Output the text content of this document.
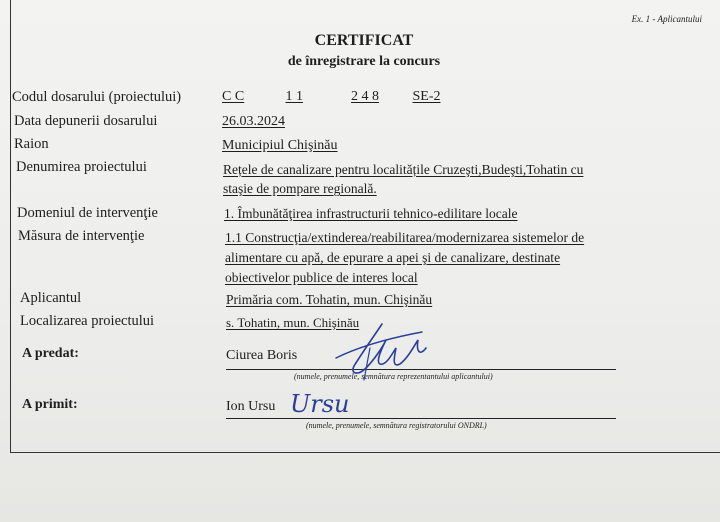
Ex. 1 - Aplicantului
CERTIFICAT
de înregistrare la concurs
Codul dosarului (proiectului)	C C	1 1	2 4 8 SE-2
Data depunerii dosarului	26.03.2024
Raion	Municipiul Chişinău
Denumirea proiectului	Rețele de canalizare pentru localitățile Cruzeşti,Budeşti,Tohatin cu
staşie de pompare regională.
Domeniul de intervenţie	1. Îmbunătăţirea infrastructurii tehnico-edilitare locale
Măsura de intervenţie	1.1 Construcţia/extinderea/reabilitarea/modernizarea sistemelor de
alimentare cu apă, de epurare a apei şi de canalizare, destinate
obiectivelor publice de interes local
Aplicantul	Primăria com. Tohatin, mun. Chişinău
Localizarea proiectului	s. Tohatin, mun. Chişinău
A predat:	Ciurea Boris
(numele, prenumele, semnătura reprezentantului aplicantului)
A primit:	Ion Ursu
(numele, prenumele, semnătura registratorului ONDRL)
Ursu
